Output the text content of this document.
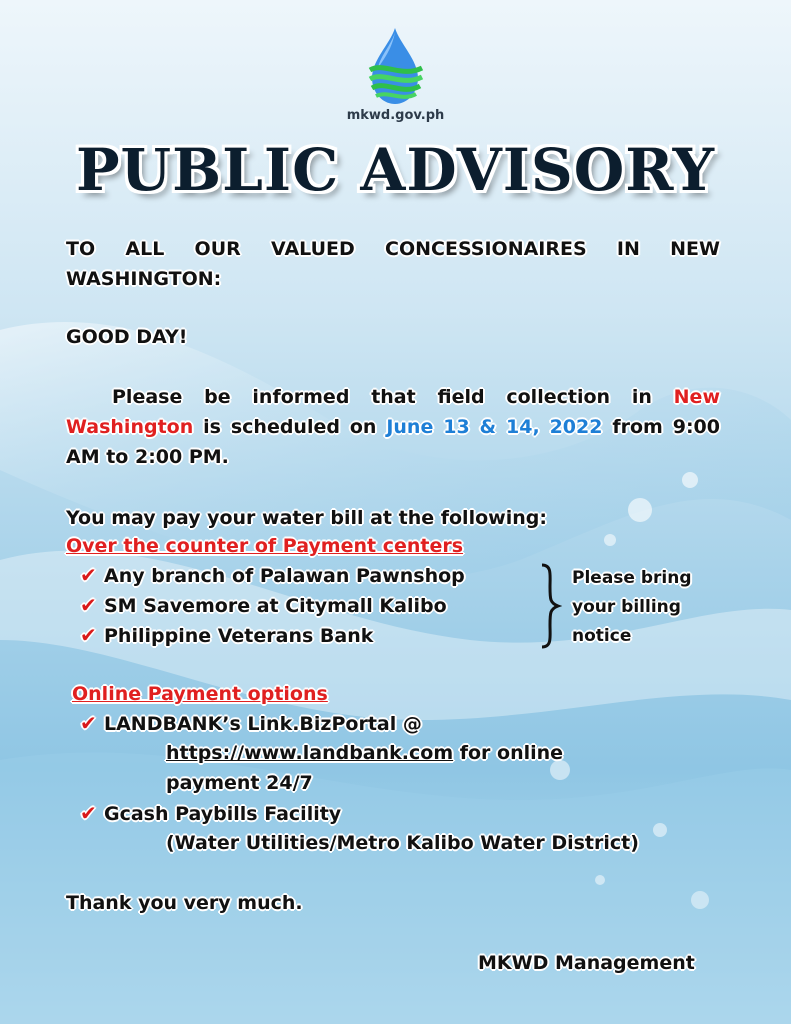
mkwd.gov.ph
PUBLIC ADVISORY
TO ALL OUR VALUED CONCESSIONAIRES IN NEW WASHINGTON:
GOOD DAY!
Please be informed that field collection in New Washington is scheduled on June 13 & 14, 2022 from 9:00 AM to 2:00 PM.
You may pay your water bill at the following:
Over the counter of Payment centers
✔ Any branch of Palawan Pawnshop
✔ SM Savemore at Citymall Kalibo
✔ Philippine Veterans Bank
Please bring
your billing
notice
Online Payment options
✔ LANDBANK’s Link.BizPortal @
https://www.landbank.com for online
payment 24/7
✔ Gcash Paybills Facility
(Water Utilities/Metro Kalibo Water District)
Thank you very much.
MKWD Management
